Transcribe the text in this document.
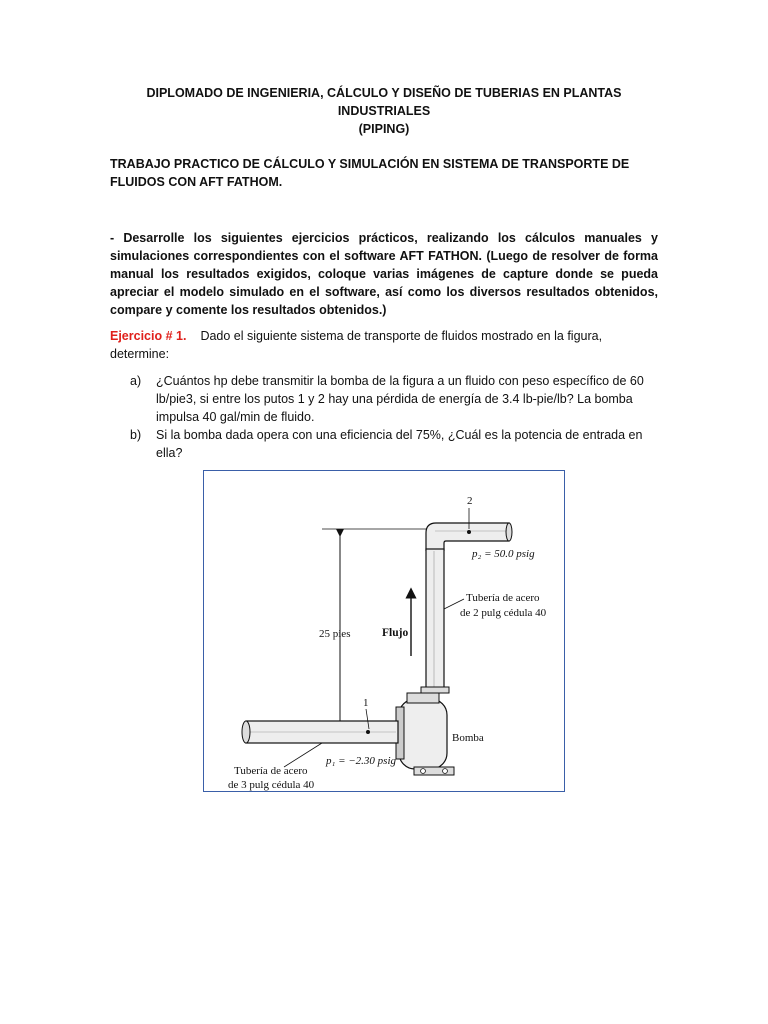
DIPLOMADO DE INGENIERIA, CÁLCULO Y DISEÑO DE TUBERIAS EN PLANTAS INDUSTRIALES
(PIPING)
TRABAJO PRACTICO DE CÁLCULO Y SIMULACIÓN EN SISTEMA DE TRANSPORTE DE FLUIDOS CON AFT FATHOM.
- Desarrolle los siguientes ejercicios prácticos, realizando los cálculos manuales y simulaciones correspondientes con el software AFT FATHON. (Luego de resolver de forma manual los resultados exigidos, coloque varias imágenes de capture donde se pueda apreciar el modelo simulado en el software, así como los diversos resultados obtenidos, compare y comente los resultados obtenidos.)
Ejercicio # 1. Dado el siguiente sistema de transporte de fluidos mostrado en la figura, determine:
a) ¿Cuántos hp debe transmitir la bomba de la figura a un fluido con peso específico de 60 lb/pie3, si entre los putos 1 y 2 hay una pérdida de energía de 3.4 lb-pie/lb? La bomba impulsa 40 gal/min de fluido.
b) Si la bomba dada opera con una eficiencia del 75%, ¿Cuál es la potencia de entrada en ella?
25 pies
2
p₂ = 50.0 psig
Flujo
Tubería de acero
de 2 pulg cédula 40
Bomba
1
p₁ = −2.30 psig
Tubería de acero
de 3 pulg cédula 40
